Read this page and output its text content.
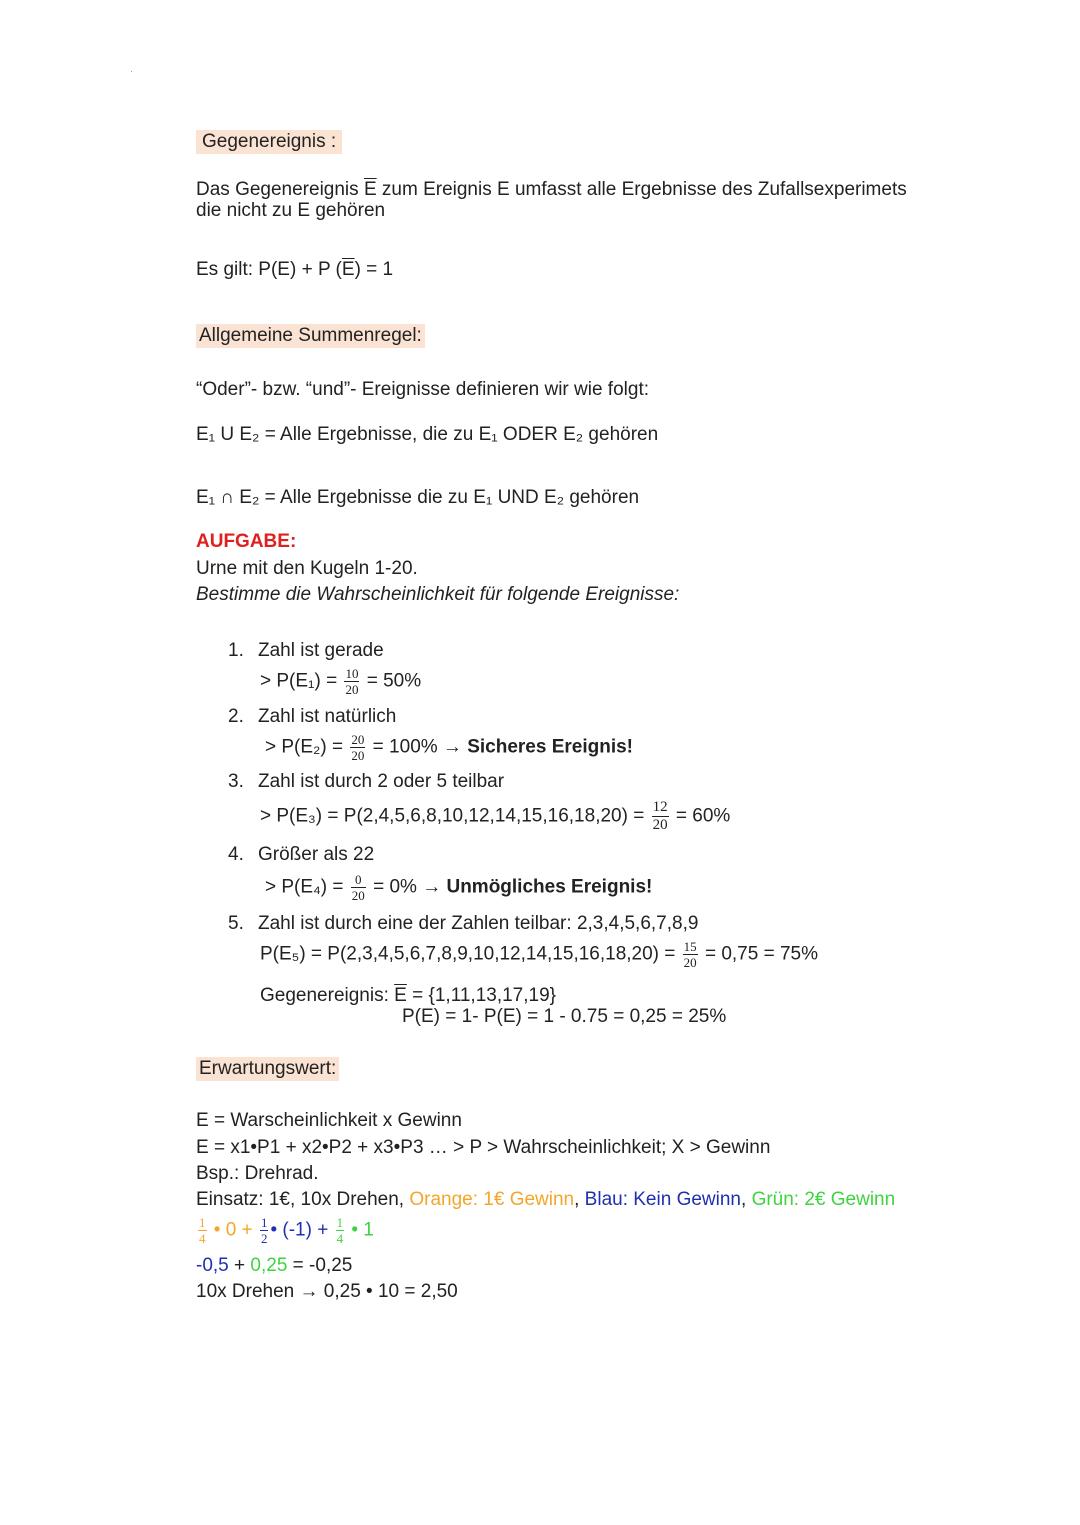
Gegenereignis :
Das Gegenereignis $\overline{E}$ zum Ereignis E umfasst alle Ergebnisse des Zufallsexperimets
die nicht zu E gehören
Es gilt: P(E) + P $(\overline{E}) = 1$
Allgemeine Summenregel:
“Oder”- bzw. “und”- Ereignisse definieren wir wie folgt:
E₁ U E₂ = Alle Ergebnisse, die zu E₁ ODER E₂ gehören
E₁ ∩ E₂ = Alle Ergebnisse die zu E₁ UND E₂ gehören
AUFGABE:
Urne mit den Kugeln 1-20.
Bestimme die Wahrscheinlichkeit für folgende Ereignisse:
1. Zahl ist gerade
> $P(E_1) = \frac{10}{20} = 50\%$
2. Zahl ist natürlich
> $P(E_2) = \frac{20}{20} = 100\%$ → Sicheres Ereignis!
3. Zahl ist durch 2 oder 5 teilbar
> $P(E_3) = P(2,4,5,6,8,10,12,14,15,16,18,20) = \frac{12}{20} = 60\%$
4. Größer als 22
> $P(E_4) = \frac{0}{20} = 0\%$ → Unmögliches Ereignis!
5. Zahl ist durch eine der Zahlen teilbar: 2,3,4,5,6,7,8,9
$P(E_5) = P(2,3,4,5,6,7,8,9,10,12,14,15,16,18,20) = \frac{15}{20} = 0,75 = 75\%$
Gegenereignis: $\overline{E} = \{1,11,13,17,19\}$
P(E) = 1- P(E) = 1 - 0.75 = 0,25 = 25%
Erwartungswert:
E = Warscheinlichkeit x Gewinn
E = x1•P1 + x2•P2 + x3•P3 … > P > Wahrscheinlichkeit; X > Gewinn
Bsp.: Drehrad.
Einsatz: 1€, 10x Drehen, Orange: 1€ Gewinn, Blau: Kein Gewinn, Grün: 2€ Gewinn
$\frac{1}{4}$ • $0 + \frac{1}{2}$ • $(-1) + \frac{1}{4}$ • 1
-0,5 + 0,25 = -0,25
10x Drehen → 0,25 • 10 = 2,50
